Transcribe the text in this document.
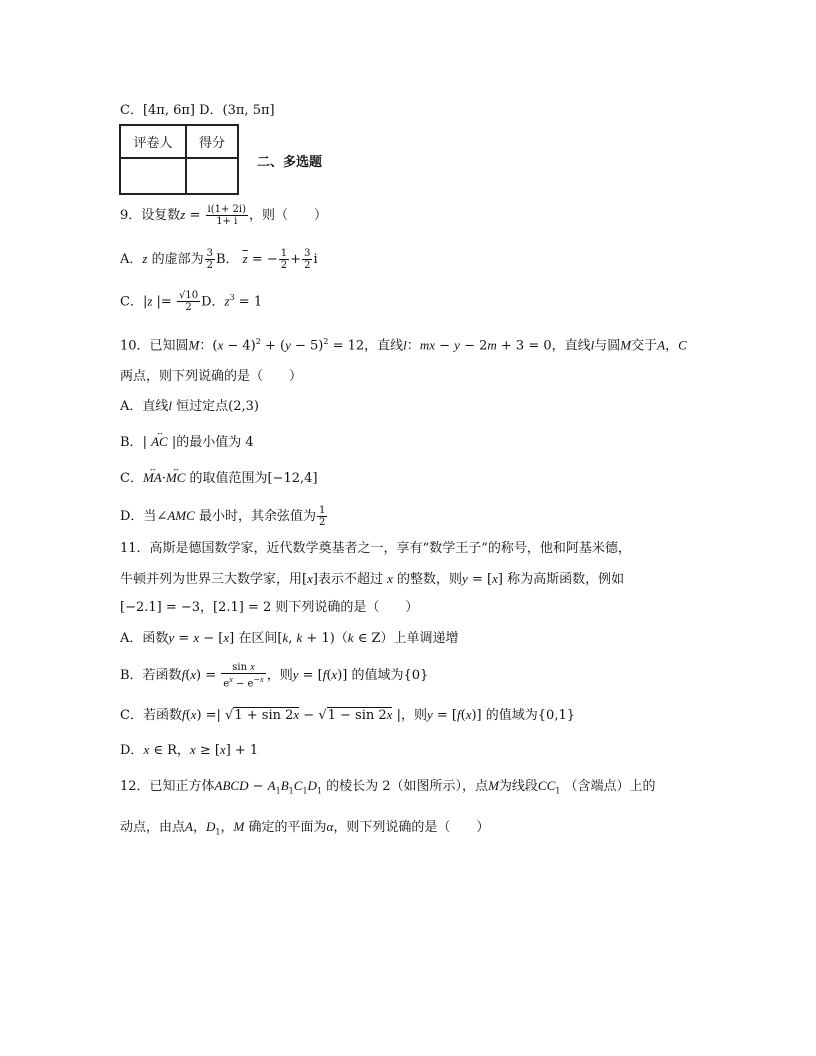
C．[4π, 6π] D．(3π, 5π]
评卷人	得分

二、多选题
9．设复数$z = \frac{i(1+ 2i)}{1+ i}$ ，则（　　）
A．z 的虚部为 $\frac{3}{2}$ B． $\overline{z}$ = − $\frac{1}{2} + \frac{3}{2}$ i
C．|z |= $\frac{√10}{2}$ D．$z^3 = 1$
10．已知圆M：$(x - 4)^2 + (y - 5)^2 = 12$，直线l：mx − y − 2m + 3 = 0，直线l与圆M交于A，C
两点，则下列说确的是（　　）
A．直线l 恒过定点(2,3)
B．| ↔ AC |的最小值为 4
C．↔ MA·↔ MC 的取值范围为[−12,4]
D．当∠AMC 最小时，其余弦值为 $\frac{1}{2}$
11．高斯是德国数学家，近代数学奠基者之一，享有“数学王子”的称号，他和阿基米德，
牛顿并列为世界三大数学家，用[x]表示不超过 x 的整数，则y = [x] 称为高斯函数，例如
[−2.1] = −3，[2.1] = 2 则下列说确的是（　　）
A．函数y = x − [x] 在区间[k, k + 1)（k ∈ Z）上单调递增
B．若函数$f(x) = \frac{\text{sin x}}{e^x - e^{-x}}$ ，则y = [f(x)] 的值域为{0}
C．若函数f(x) =| √1 + sin 2x − √1 − sin 2x |，则y = [f(x)] 的值域为{0,1}
D．x ∈ R，x ≥ [x] + 1
12．已知正方体ABCD − $A_1B_1C_1D_1$ 的棱长为 2（如图所示），点M为线段$CC_1$ （含端点）上的
动点，由点A，$D_1$，M 确定的平面为α，则下列说确的是（　　）
